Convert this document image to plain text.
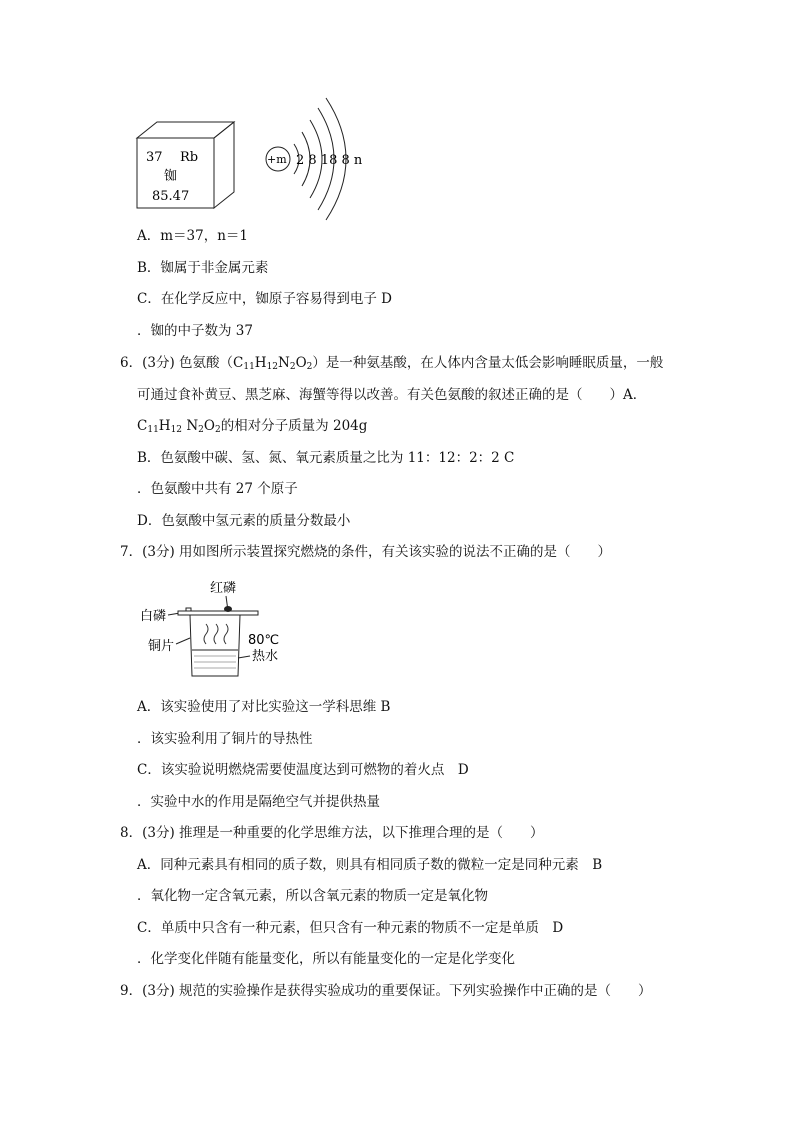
37 Rb
铷
85.47
+m 2 8 18 8 n
A．m＝37，n＝1
B．铷属于非金属元素
C．在化学反应中，铷原子容易得到电子 D
．铷的中子数为 37
6．(3分) 色氨酸$(C_{11}H_{12}N_2O_2)$是一种氨基酸，在人体内含量太低会影响睡眠质量，一般
可通过食补黄豆、黑芝麻、海蟹等得以改善。有关色氨酸的叙述正确的是（　　）A．
$C_{11}H_{12}$ $N_2O_2$的相对分子质量为 204g
B．色氨酸中碳、氢、氮、氧元素质量之比为 11：12：2：2 C
．色氨酸中共有 27 个原子
D．色氨酸中氢元素的质量分数最小
7．(3分) 用如图所示装置探究燃烧的条件，有关该实验的说法不正确的是（　　）
红磷
白磷
铜片	80℃
热水
A．该实验使用了对比实验这一学科思维 B
．该实验利用了铜片的导热性
C．该实验说明燃烧需要使温度达到可燃物的着火点　D
．实验中水的作用是隔绝空气并提供热量
8．(3分) 推理是一种重要的化学思维方法，以下推理合理的是（　　）
A．同种元素具有相同的质子数，则具有相同质子数的微粒一定是同种元素　B
．氧化物一定含氧元素，所以含氧元素的物质一定是氧化物
C．单质中只含有一种元素，但只含有一种元素的物质不一定是单质　D
．化学变化伴随有能量变化，所以有能量变化的一定是化学变化
9．(3分) 规范的实验操作是获得实验成功的重要保证。下列实验操作中正确的是（　　）
